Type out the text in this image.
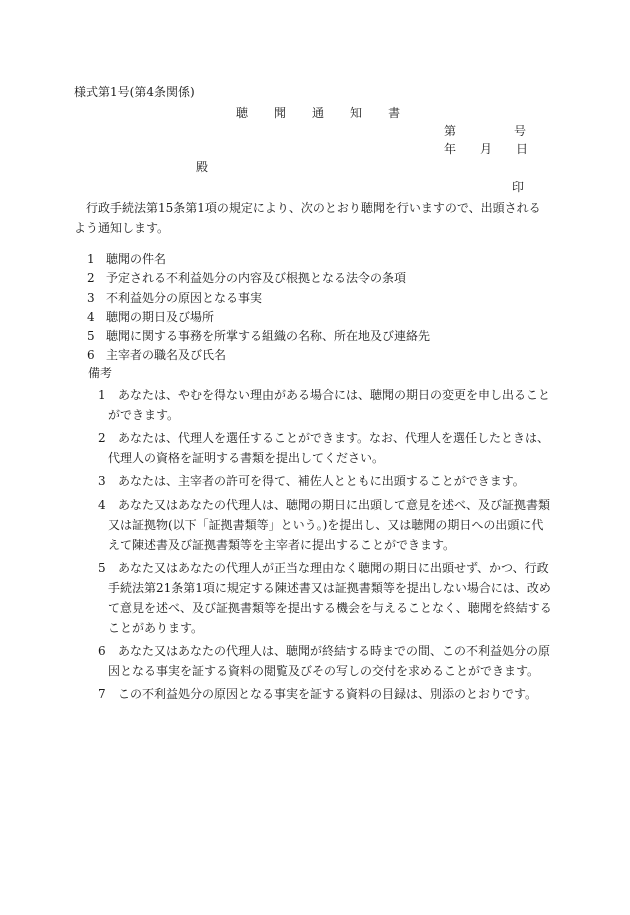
様式第1号(第4条関係)
聴 聞 通 知 書
第	号
年 月 日
殿
印
行政手続法第15条第1項の規定により、次のとおり聴聞を行いますので、出頭されるよう通知します。
1 聴聞の件名
2 予定される不利益処分の内容及び根拠となる法令の条項
3 不利益処分の原因となる事実
4 聴聞の期日及び場所
5 聴聞に関する事務を所掌する組織の名称、所在地及び連絡先
6 主宰者の職名及び氏名
備考
1 あなたは、やむを得ない理由がある場合には、聴聞の期日の変更を申し出ることができます。
2 あなたは、代理人を選任することができます。なお、代理人を選任したときは、代理人の資格を証明する書類を提出してください。
3 あなたは、主宰者の許可を得て、補佐人とともに出頭することができます。
4 あなた又はあなたの代理人は、聴聞の期日に出頭して意見を述べ、及び証拠書類又は証拠物(以下「証拠書類等」という。)を提出し、又は聴聞の期日への出頭に代えて陳述書及び証拠書類等を主宰者に提出することができます。
5 あなた又はあなたの代理人が正当な理由なく聴聞の期日に出頭せず、かつ、行政手続法第21条第1項に規定する陳述書又は証拠書類等を提出しない場合には、改めて意見を述べ、及び証拠書類等を提出する機会を与えることなく、聴聞を終結することがあります。
6 あなた又はあなたの代理人は、聴聞が終結する時までの間、この不利益処分の原因となる事実を証する資料の閲覧及びその写しの交付を求めることができます。
7 この不利益処分の原因となる事実を証する資料の目録は、別添のとおりです。
